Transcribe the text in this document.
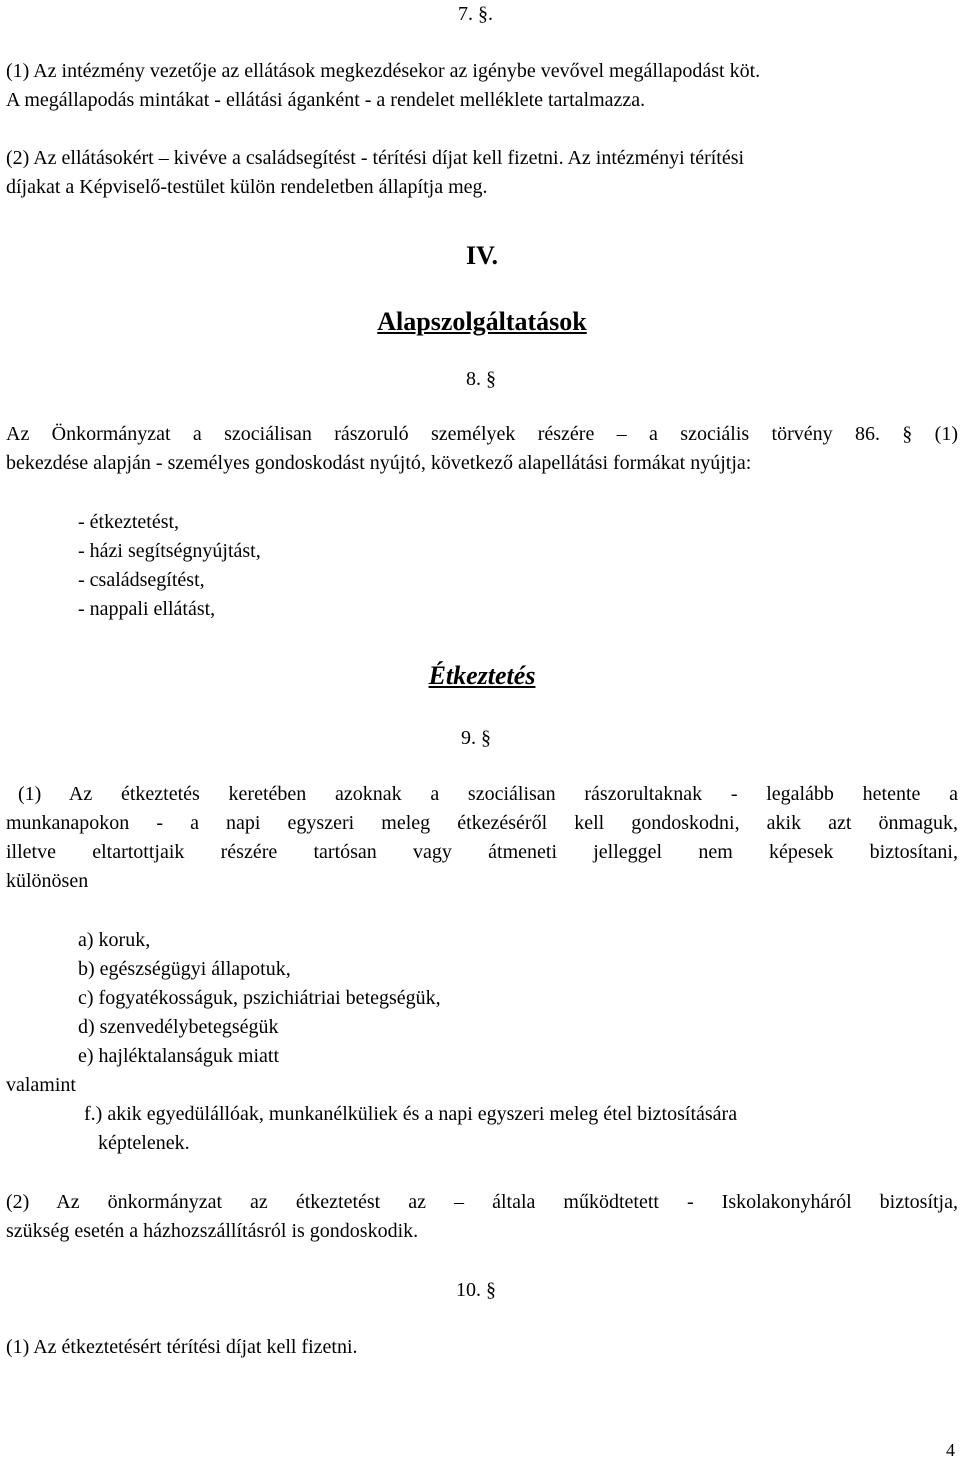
7. §.
(1) Az intézmény vezetője az ellátások megkezdésekor az igénybe vevővel megállapodást köt.
A megállapodás mintákat - ellátási áganként - a rendelet melléklete tartalmazza.
(2) Az ellátásokért – kivéve a családsegítést - térítési díjat kell fizetni. Az intézményi térítési
díjakat a Képviselő-testület külön rendeletben állapítja meg.
IV.
Alapszolgáltatások
8. §
Az Önkormányzat a szociálisan rászoruló személyek részére – a szociális törvény 86. § (1)
bekezdése alapján - személyes gondoskodást nyújtó, következő alapellátási formákat nyújtja:
- étkeztetést,
- házi segítségnyújtást,
- családsegítést,
- nappali ellátást,
Étkeztetés
9. §
(1) Az étkeztetés keretében azoknak a szociálisan rászorultaknak - legalább hetente a
munkanapokon - a napi egyszeri meleg étkezéséről kell gondoskodni, akik azt önmaguk,
illetve eltartottjaik részére tartósan vagy átmeneti jelleggel nem képesek biztosítani,
különösen
a) koruk,
b) egészségügyi állapotuk,
c) fogyatékosságuk, pszichiátriai betegségük,
d) szenvedélybetegségük
e) hajléktalanságuk miatt
valamint
f.) akik egyedülállóak, munkanélküliek és a napi egyszeri meleg étel biztosítására
képtelenek.
(2) Az önkormányzat az étkeztetést az – általa működtetett - Iskolakonyháról biztosítja,
szükség esetén a házhozszállításról is gondoskodik.
10. §
(1) Az étkeztetésért térítési díjat kell fizetni.
4
